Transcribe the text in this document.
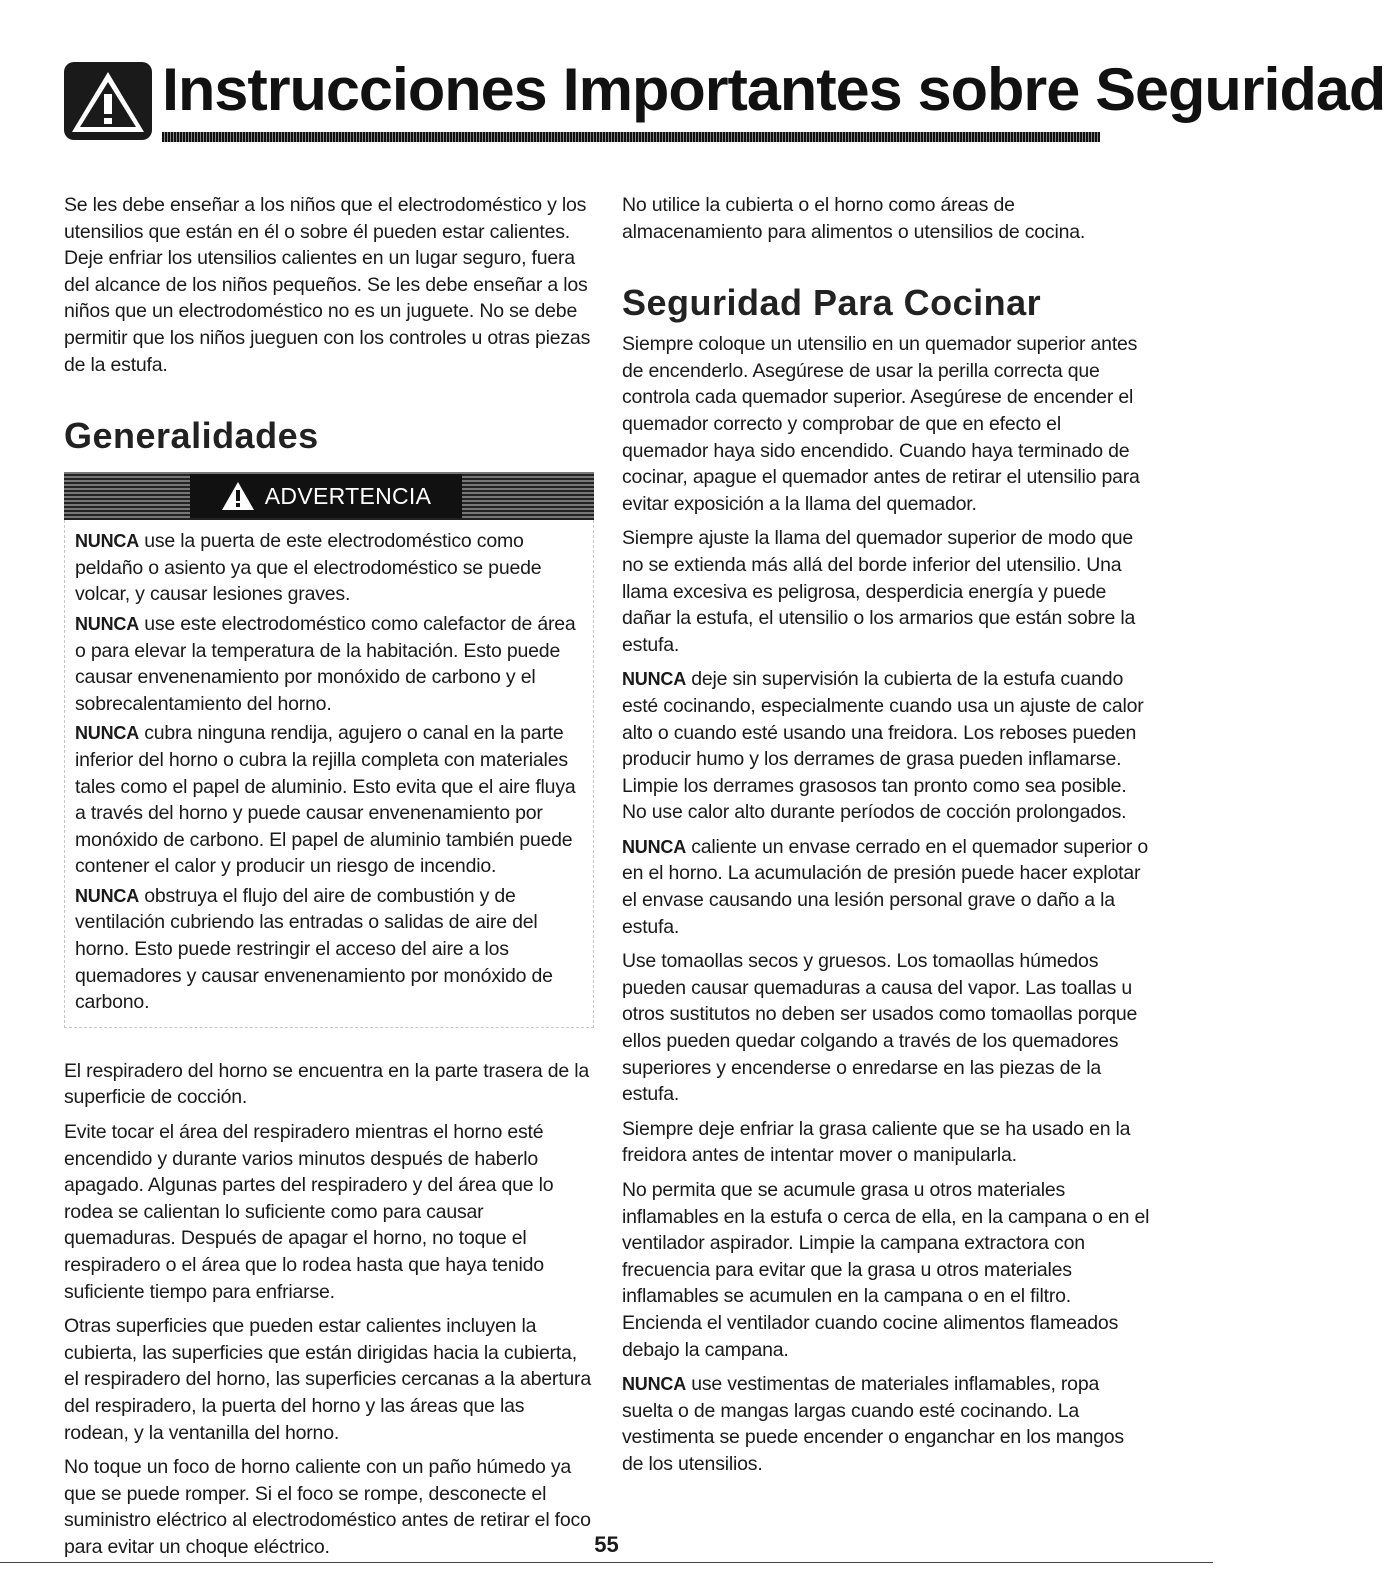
Instrucciones Importantes sobre Seguridad

Se les debe enseñar a los niños que el electrodoméstico y los utensilios que están en él o sobre él pueden estar calientes. Deje enfriar los utensilios calientes en un lugar seguro, fuera del alcance de los niños pequeños. Se les debe enseñar a los niños que un electrodoméstico no es un juguete. No se debe permitir que los niños jueguen con los controles u otras piezas de la estufa.

Generalidades
ADVERTENCIA

NUNCA use la puerta de este electrodoméstico como peldaño o asiento ya que el electrodoméstico se puede volcar, y causar lesiones graves.

NUNCA use este electrodoméstico como calefactor de área o para elevar la temperatura de la habitación. Esto puede causar envenenamiento por monóxido de carbono y el sobrecalentamiento del horno.

NUNCA cubra ninguna rendija, agujero o canal en la parte inferior del horno o cubra la rejilla completa con materiales tales como el papel de aluminio. Esto evita que el aire fluya a través del horno y puede causar envenenamiento por monóxido de carbono. El papel de aluminio también puede contener el calor y producir un riesgo de incendio.

NUNCA obstruya el flujo del aire de combustión y de ventilación cubriendo las entradas o salidas de aire del horno. Esto puede restringir el acceso del aire a los quemadores y causar envenenamiento por monóxido de carbono.

El respiradero del horno se encuentra en la parte trasera de la superficie de cocción.

Evite tocar el área del respiradero mientras el horno esté encendido y durante varios minutos después de haberlo apagado. Algunas partes del respiradero y del área que lo rodea se calientan lo suficiente como para causar quemaduras. Después de apagar el horno, no toque el respiradero o el área que lo rodea hasta que haya tenido suficiente tiempo para enfriarse.

Otras superficies que pueden estar calientes incluyen la cubierta, las superficies que están dirigidas hacia la cubierta, el respiradero del horno, las superficies cercanas a la abertura del respiradero, la puerta del horno y las áreas que las rodean, y la ventanilla del horno.

No toque un foco de horno caliente con un paño húmedo ya que se puede romper. Si el foco se rompe, desconecte el suministro eléctrico al electrodoméstico antes de retirar el foco para evitar un choque eléctrico.

No utilice la cubierta o el horno como áreas de almacenamiento para alimentos o utensilios de cocina.

Seguridad Para Cocinar

Siempre coloque un utensilio en un quemador superior antes de encenderlo. Asegúrese de usar la perilla correcta que controla cada quemador superior. Asegúrese de encender el quemador correcto y comprobar de que en efecto el quemador haya sido encendido. Cuando haya terminado de cocinar, apague el quemador antes de retirar el utensilio para evitar exposición a la llama del quemador.

Siempre ajuste la llama del quemador superior de modo que no se extienda más allá del borde inferior del utensilio. Una llama excesiva es peligrosa, desperdicia energía y puede dañar la estufa, el utensilio o los armarios que están sobre la estufa.

NUNCA deje sin supervisión la cubierta de la estufa cuando esté cocinando, especialmente cuando usa un ajuste de calor alto o cuando esté usando una freidora. Los reboses pueden producir humo y los derrames de grasa pueden inflamarse. Limpie los derrames grasosos tan pronto como sea posible. No use calor alto durante períodos de cocción prolongados.

NUNCA caliente un envase cerrado en el quemador superior o en el horno. La acumulación de presión puede hacer explotar el envase causando una lesión personal grave o daño a la estufa.

Use tomaollas secos y gruesos. Los tomaollas húmedos pueden causar quemaduras a causa del vapor. Las toallas u otros sustitutos no deben ser usados como tomaollas porque ellos pueden quedar colgando a través de los quemadores superiores y encenderse o enredarse en las piezas de la estufa.

Siempre deje enfriar la grasa caliente que se ha usado en la freidora antes de intentar mover o manipularla.

No permita que se acumule grasa u otros materiales inflamables en la estufa o cerca de ella, en la campana o en el ventilador aspirador. Limpie la campana extractora con frecuencia para evitar que la grasa u otros materiales inflamables se acumulen en la campana o en el filtro. Encienda el ventilador cuando cocine alimentos flameados debajo la campana.

NUNCA use vestimentas de materiales inflamables, ropa suelta o de mangas largas cuando esté cocinando. La vestimenta se puede encender o enganchar en los mangos de los utensilios.

55
